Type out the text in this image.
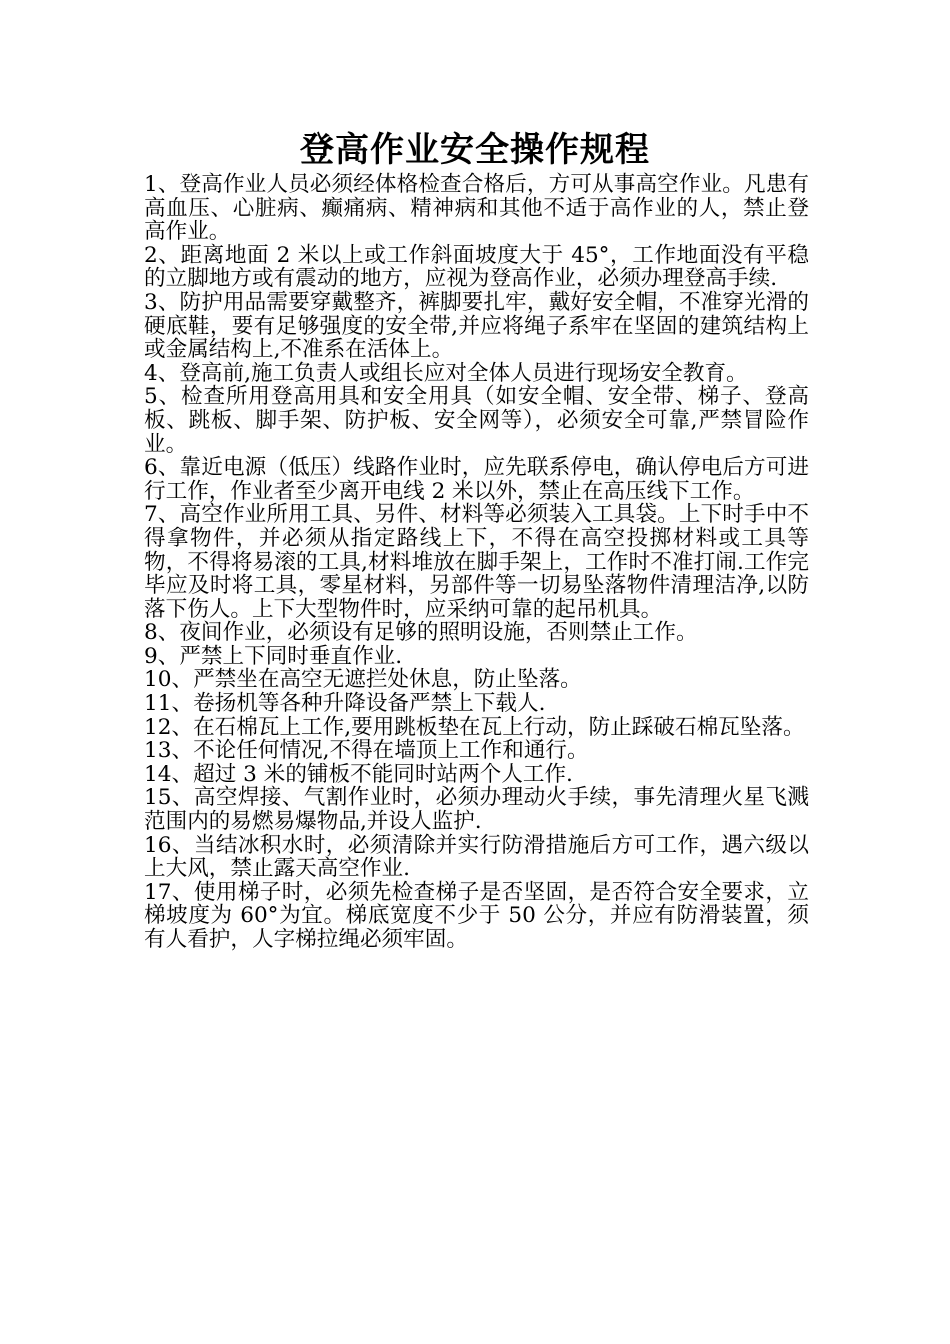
登高作业安全操作规程
1、登高作业人员必须经体格检查合格后，方可从事高空作业。凡患有高血压、心脏病、癫痛病、精神病和其他不适于高作业的人，禁止登高作业。
2、距离地面 2 米以上或工作斜面坡度大于 45°，工作地面没有平稳的立脚地方或有震动的地方，应视为登高作业，必须办理登高手续.
3、防护用品需要穿戴整齐，裤脚要扎牢，戴好安全帽，不准穿光滑的硬底鞋，要有足够强度的安全带,并应将绳子系牢在坚固的建筑结构上或金属结构上,不准系在活体上。
4、登高前,施工负责人或组长应对全体人员进行现场安全教育。
5、检查所用登高用具和安全用具（如安全帽、安全带、梯子、登高板、跳板、脚手架、防护板、安全网等），必须安全可靠,严禁冒险作业。
6、靠近电源（低压）线路作业时，应先联系停电，确认停电后方可进行工作，作业者至少离开电线 2 米以外，禁止在高压线下工作。
7、高空作业所用工具、另件、材料等必须装入工具袋。上下时手中不得拿物件，并必须从指定路线上下，不得在高空投掷材料或工具等物，不得将易滚的工具,材料堆放在脚手架上，工作时不准打闹.工作完毕应及时将工具，零星材料，另部件等一切易坠落物件清理洁净,以防落下伤人。上下大型物件时，应采纳可靠的起吊机具。
8、夜间作业，必须设有足够的照明设施，否则禁止工作。
9、严禁上下同时垂直作业.
10、严禁坐在高空无遮拦处休息，防止坠落。
11、卷扬机等各种升降设备严禁上下载人.
12、在石棉瓦上工作,要用跳板垫在瓦上行动，防止踩破石棉瓦坠落。
13、不论任何情况,不得在墙顶上工作和通行。
14、超过 3 米的铺板不能同时站两个人工作.
15、高空焊接、气割作业时，必须办理动火手续，事先清理火星飞溅范围内的易燃易爆物品,并设人监护.
16、当结冰积水时，必须清除并实行防滑措施后方可工作，遇六级以上大风，禁止露天高空作业.
17、使用梯子时，必须先检查梯子是否坚固，是否符合安全要求，立梯坡度为 60°为宜。梯底宽度不少于 50 公分，并应有防滑装置，须有人看护，人字梯拉绳必须牢固。
